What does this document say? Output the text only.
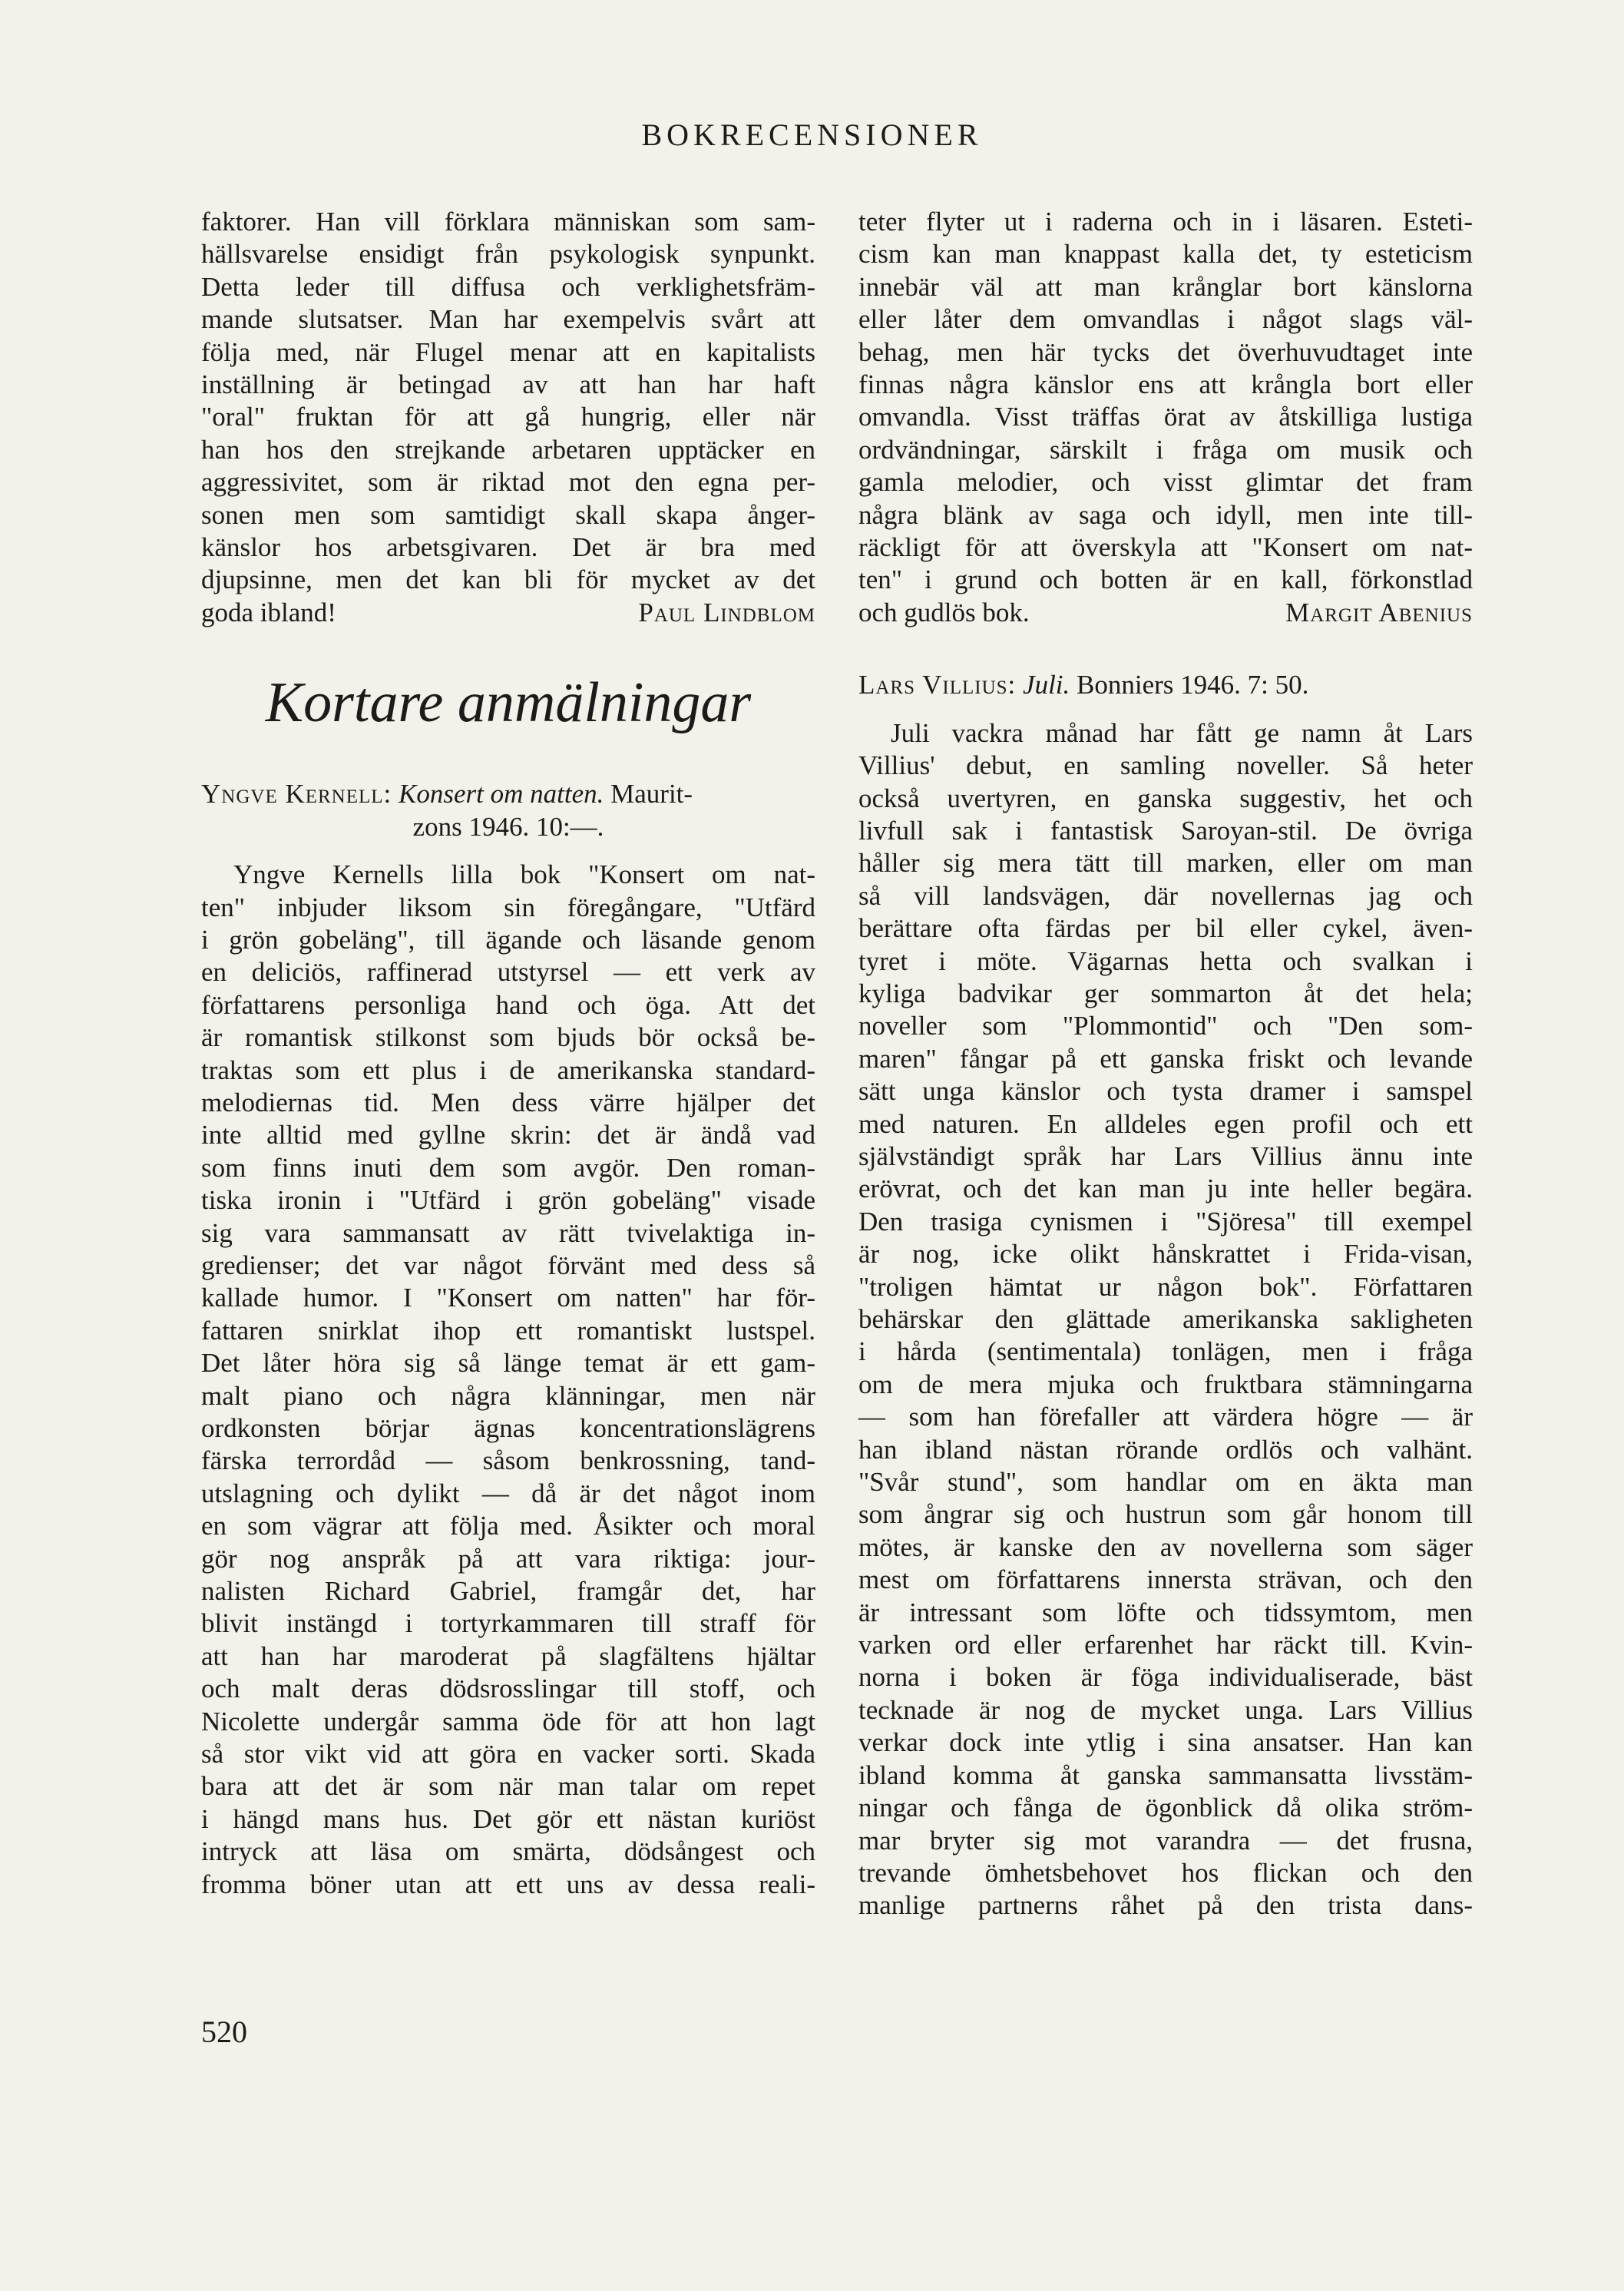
BOKRECENSIONER
faktorer. Han vill förklara människan som sam-
hällsvarelse ensidigt från psykologisk synpunkt.
Detta leder till diffusa och verklighetsfräm-
mande slutsatser. Man har exempelvis svårt att
följa med, när Flugel menar att en kapitalists
inställning är betingad av att han har haft
"oral" fruktan för att gå hungrig, eller när
han hos den strejkande arbetaren upptäcker en
aggressivitet, som är riktad mot den egna per-
sonen men som samtidigt skall skapa ånger-
känslor hos arbetsgivaren. Det är bra med
djupsinne, men det kan bli för mycket av det
goda ibland!	Paul Lindblom
Kortare anmälningar
Yngve Kernell: Konsert om natten. Maurit-
zons 1946. 10:—.
Yngve Kernells lilla bok "Konsert om nat-
ten" inbjuder liksom sin föregångare, "Utfärd
i grön gobeläng", till ägande och läsande genom
en deliciös, raffinerad utstyrsel — ett verk av
författarens personliga hand och öga. Att det
är romantisk stilkonst som bjuds bör också be-
traktas som ett plus i de amerikanska standard-
melodiernas tid. Men dess värre hjälper det
inte alltid med gyllne skrin: det är ändå vad
som finns inuti dem som avgör. Den roman-
tiska ironin i "Utfärd i grön gobeläng" visade
sig vara sammansatt av rätt tvivelaktiga in-
gredienser; det var något förvänt med dess så
kallade humor. I "Konsert om natten" har för-
fattaren snirklat ihop ett romantiskt lustspel.
Det låter höra sig så länge temat är ett gam-
malt piano och några klänningar, men när
ordkonsten börjar ägnas koncentrationslägrens
färska terrordåd — såsom benkrossning, tand-
utslagning och dylikt — då är det något inom
en som vägrar att följa med. Åsikter och moral
gör nog anspråk på att vara riktiga: jour-
nalisten Richard Gabriel, framgår det, har
blivit instängd i tortyrkammaren till straff för
att han har maroderat på slagfältens hjältar
och malt deras dödsrosslingar till stoff, och
Nicolette undergår samma öde för att hon lagt
så stor vikt vid att göra en vacker sorti. Skada
bara att det är som när man talar om repet
i hängd mans hus. Det gör ett nästan kuriöst
intryck att läsa om smärta, dödsångest och
fromma böner utan att ett uns av dessa reali-
teter flyter ut i raderna och in i läsaren. Esteti-
cism kan man knappast kalla det, ty esteticism
innebär väl att man krånglar bort känslorna
eller låter dem omvandlas i något slags väl-
behag, men här tycks det överhuvudtaget inte
finnas några känslor ens att krångla bort eller
omvandla. Visst träffas örat av åtskilliga lustiga
ordvändningar, särskilt i fråga om musik och
gamla melodier, och visst glimtar det fram
några blänk av saga och idyll, men inte till-
räckligt för att överskyla att "Konsert om nat-
ten" i grund och botten är en kall, förkonstlad
och gudlös bok.	Margit Abenius
Lars Villius: Juli. Bonniers 1946. 7: 50.
Juli vackra månad har fått ge namn åt Lars
Villius' debut, en samling noveller. Så heter
också uvertyren, en ganska suggestiv, het och
livfull sak i fantastisk Saroyan-stil. De övriga
håller sig mera tätt till marken, eller om man
så vill landsvägen, där novellernas jag och
berättare ofta färdas per bil eller cykel, även-
tyret i möte. Vägarnas hetta och svalkan i
kyliga badvikar ger sommarton åt det hela;
noveller som "Plommontid" och "Den som-
maren" fångar på ett ganska friskt och levande
sätt unga känslor och tysta dramer i samspel
med naturen. En alldeles egen profil och ett
självständigt språk har Lars Villius ännu inte
erövrat, och det kan man ju inte heller begära.
Den trasiga cynismen i "Sjöresa" till exempel
är nog, icke olikt hånskrattet i Frida-visan,
"troligen hämtat ur någon bok". Författaren
behärskar den glättade amerikanska sakligheten
i hårda (sentimentala) tonlägen, men i fråga
om de mera mjuka och fruktbara stämningarna
— som han förefaller att värdera högre — är
han ibland nästan rörande ordlös och valhänt.
"Svår stund", som handlar om en äkta man
som ångrar sig och hustrun som går honom till
mötes, är kanske den av novellerna som säger
mest om författarens innersta strävan, och den
är intressant som löfte och tidssymtom, men
varken ord eller erfarenhet har räckt till. Kvin-
norna i boken är föga individualiserade, bäst
tecknade är nog de mycket unga. Lars Villius
verkar dock inte ytlig i sina ansatser. Han kan
ibland komma åt ganska sammansatta livsstäm-
ningar och fånga de ögonblick då olika ström-
mar bryter sig mot varandra — det frusna,
trevande ömhetsbehovet hos flickan och den
manlige partnerns råhet på den trista dans-
520
